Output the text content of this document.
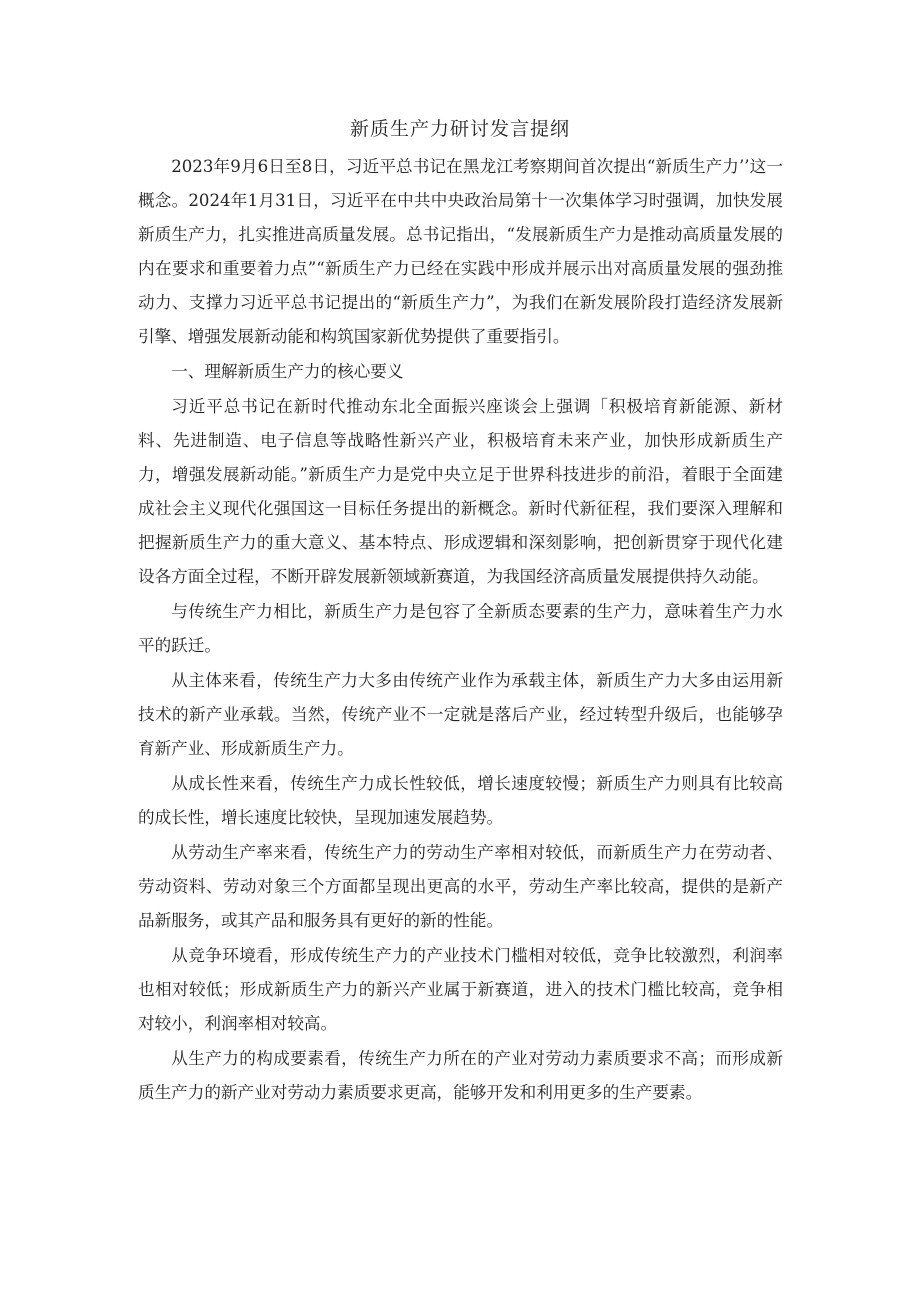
新质生产力研讨发言提纲

2023年9月6日至8日，习近平总书记在黑龙江考察期间首次提出“新质生产力’’这一概念。2024年1月31日，习近平在中共中央政治局第十一次集体学习时强调，加快发展新质生产力，扎实推进高质量发展。总书记指出，“发展新质生产力是推动高质量发展的内在要求和重要着力点”“新质生产力已经在实践中形成并展示出对高质量发展的强劲推动力、支撑力习近平总书记提出的“新质生产力”，为我们在新发展阶段打造经济发展新引擎、增强发展新动能和构筑国家新优势提供了重要指引。

一、理解新质生产力的核心要义

习近平总书记在新时代推动东北全面振兴座谈会上强调「积极培育新能源、新材料、先进制造、电子信息等战略性新兴产业，积极培育未来产业，加快形成新质生产力，增强发展新动能。”新质生产力是党中央立足于世界科技进步的前沿，着眼于全面建成社会主义现代化强国这一目标任务提出的新概念。新时代新征程，我们要深入理解和把握新质生产力的重大意义、基本特点、形成逻辑和深刻影响，把创新贯穿于现代化建设各方面全过程，不断开辟发展新领域新赛道，为我国经济高质量发展提供持久动能。

与传统生产力相比，新质生产力是包容了全新质态要素的生产力，意味着生产力水平的跃迁。

从主体来看，传统生产力大多由传统产业作为承载主体，新质生产力大多由运用新技术的新产业承载。当然，传统产业不一定就是落后产业，经过转型升级后，也能够孕育新产业、形成新质生产力。

从成长性来看，传统生产力成长性较低，增长速度较慢；新质生产力则具有比较高的成长性，增长速度比较快，呈现加速发展趋势。

从劳动生产率来看，传统生产力的劳动生产率相对较低，而新质生产力在劳动者、劳动资料、劳动对象三个方面都呈现出更高的水平，劳动生产率比较高，提供的是新产品新服务，或其产品和服务具有更好的新的性能。

从竞争环境看，形成传统生产力的产业技术门槛相对较低，竞争比较激烈，利润率也相对较低；形成新质生产力的新兴产业属于新赛道，进入的技术门槛比较高，竞争相对较小，利润率相对较高。

从生产力的构成要素看，传统生产力所在的产业对劳动力素质要求不高；而形成新质生产力的新产业对劳动力素质要求更高，能够开发和利用更多的生产要素。
